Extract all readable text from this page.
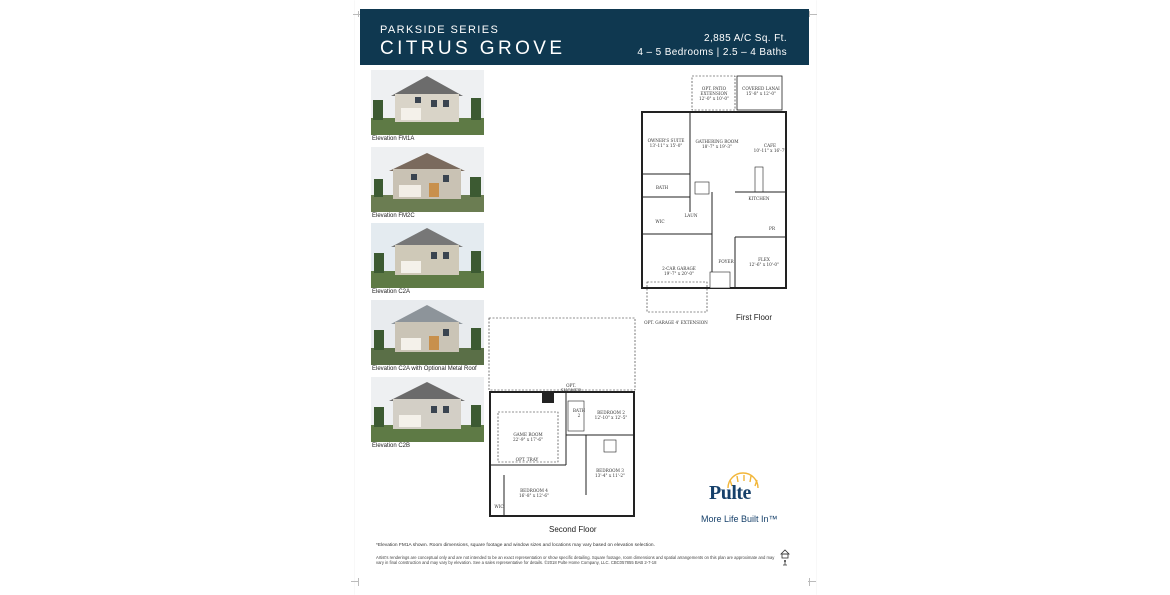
PARKSIDE SERIES
CITRUS GROVE	2,885 A/C Sq. Ft.
4 – 5 Bedrooms | 2.5 – 4 Baths
Elevation FM1A
Elevation FM2C
Elevation C2A
Elevation C2A with Optional Metal Roof
Elevation C2B
OPT. PATIO EXTENSION
12'-0" x 10'-0"
COVERED LANAI
15'-8" x 12'-0"
OWNER'S SUITE
13'-11" x 15'-0"
GATHERING ROOM
18'-7" x 19'-3"	CAFE
10'-11" x 16'-7"
KITCHEN
BATH
LAUN
WIC
PR
2-CAR GARAGE
19'-7" x 20'-0"
FOYER	FLEX
12'-6" x 10'-0"
OPT. GARAGE 4' EXTENSION
First Floor
OPT. SHOWER
GAME ROOM
22'-9" x 17'-6"
OPT. TRAY
BATH 2
BEDROOM 2
12'-10" x 12'-5"
BEDROOM 3
13'-4" x 11'-2"
BEDROOM 4
16'-8" x 12'-6"
WIC
Second Floor
Pulte
More Life Built In™
*Elevation FM1A shown. Room dimensions, square footage and window sizes and locations may vary based on elevation selection.
Artist's renderings are conceptual only and are not intended to be an exact representation or show specific detailing. Square footage, room dimensions and spatial arrangements on this plan are approximate and may vary in final construction and may vary by elevation. See a sales representative for details. ©2018 Pulte Home Company, LLC. CBC057855 BAB 2-7-18
